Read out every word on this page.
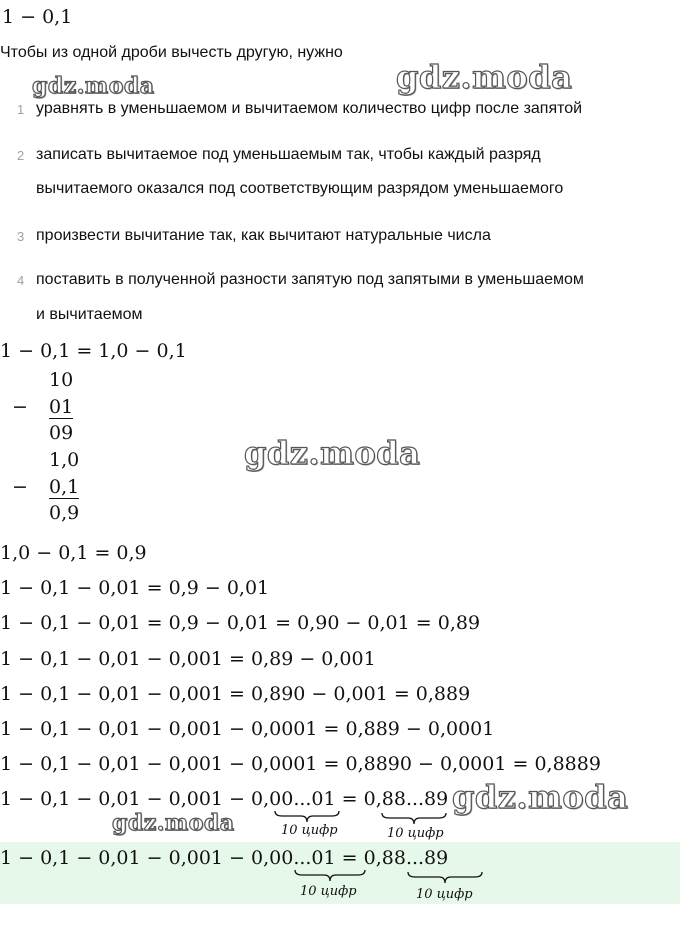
1 − 0,1
Чтобы из одной дроби вычесть другую, нужно
gdz.moda	gdz.moda
gdz.moda
gdz.moda
gdz.moda
1 уравнять в уменьшаемом и вычитаемом количество цифр после запятой
2 записать вычитаемое под уменьшаемым так, чтобы каждый разряд
вычитаемого оказался под соответствующим разрядом уменьшаемого
3 произвести вычитание так, как вычитают натуральные числа
4 поставить в полученной разности запятую под запятыми в уменьшаемом
и вычитаемом
1 − 0,1 = 1,0 − 0,1
10
− 01
09
1,0
− 0,1
0,9
1,0 − 0,1 = 0,9
1 − 0,1 − 0,01 = 0,9 − 0,01
1 − 0,1 − 0,01 = 0,9 − 0,01 = 0,90 − 0,01 = 0,89
1 − 0,1 − 0,01 − 0,001 = 0,89 − 0,001
1 − 0,1 − 0,01 − 0,001 = 0,890 − 0,001 = 0,889
1 − 0,1 − 0,01 − 0,001 − 0,0001 = 0,889 − 0,0001
1 − 0,1 − 0,01 − 0,001 − 0,0001 = 0,8890 − 0,0001 = 0,8889
1 − 0,1 − 0,01 − 0,001 − 0,00...01 = 0,88...89
10 цифр	10 цифр
1 − 0,1 − 0,01 − 0,001 − 0,00...01 = 0,88...89
10 цифр	10 цифр
